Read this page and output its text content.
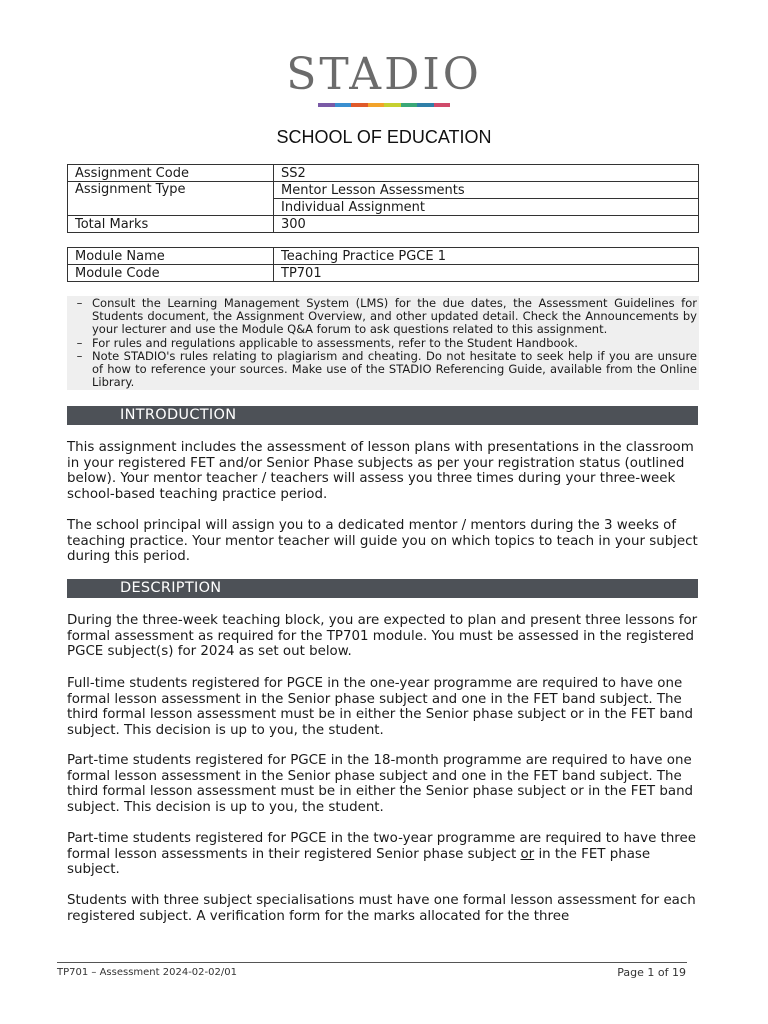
STADIO
SCHOOL OF EDUCATION
Assignment Code	SS2
Assignment Type	Mentor Lesson Assessments
	Individual Assignment
Total Marks	300
Module Name	Teaching Practice PGCE 1
Module Code	TP701
– Consult the Learning Management System (LMS) for the due dates, the Assessment Guidelines for Students document, the Assignment Overview, and other updated detail. Check the Announcements by your lecturer and use the Module Q&A forum to ask questions related to this assignment.
– For rules and regulations applicable to assessments, refer to the Student Handbook.
– Note STADIO's rules relating to plagiarism and cheating. Do not hesitate to seek help if you are unsure of how to reference your sources. Make use of the STADIO Referencing Guide, available from the Online Library.
INTRODUCTION

This assignment includes the assessment of lesson plans with presentations in the classroom in your registered FET and/or Senior Phase subjects as per your registration status (outlined below). Your mentor teacher / teachers will assess you three times during your three-week school-based teaching practice period.

The school principal will assign you to a dedicated mentor / mentors during the 3 weeks of teaching practice. Your mentor teacher will guide you on which topics to teach in your subject during this period.

DESCRIPTION

During the three-week teaching block, you are expected to plan and present three lessons for formal assessment as required for the TP701 module. You must be assessed in the registered PGCE subject(s) for 2024 as set out below.

Full-time students registered for PGCE in the one-year programme are required to have one formal lesson assessment in the Senior phase subject and one in the FET band subject. The third formal lesson assessment must be in either the Senior phase subject or in the FET band subject. This decision is up to you, the student.

Part-time students registered for PGCE in the 18-month programme are required to have one formal lesson assessment in the Senior phase subject and one in the FET band subject. The third formal lesson assessment must be in either the Senior phase subject or in the FET band subject. This decision is up to you, the student.

Part-time students registered for PGCE in the two-year programme are required to have three formal lesson assessments in their registered Senior phase subject or in the FET phase subject.

Students with three subject specialisations must have one formal lesson assessment for each registered subject. A verification form for the marks allocated for the three

TP701 – Assessment 2024-02-02/01	Page 1 of 19
